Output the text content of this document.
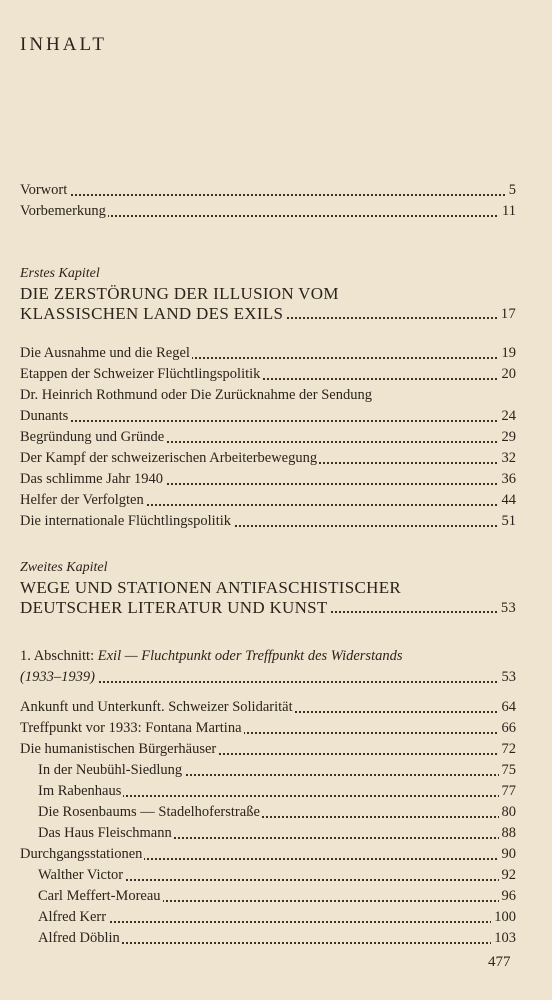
INHALT
Vorwort	5
Vorbemerkung	11
Erstes Kapitel
DIE ZERSTÖRUNG DER ILLUSION VOM
KLASSISCHEN LAND DES EXILS	17
Die Ausnahme und die Regel	19
Etappen der Schweizer Flüchtlingspolitik	20
Dr. Heinrich Rothmund oder Die Zurücknahme der Sendung
Dunants	24
Begründung und Gründe	29
Der Kampf der schweizerischen Arbeiterbewegung	32
Das schlimme Jahr 1940	36
Helfer der Verfolgten	44
Die internationale Flüchtlingspolitik	51
Zweites Kapitel
WEGE UND STATIONEN ANTIFASCHISTISCHER
DEUTSCHER LITERATUR UND KUNST	53
1. Abschnitt: Exil — Fluchtpunkt oder Treffpunkt des Widerstands
(1933–1939)	53
Ankunft und Unterkunft. Schweizer Solidarität	64
Treffpunkt vor 1933: Fontana Martina	66
Die humanistischen Bürgerhäuser	72
In der Neubühl-Siedlung	75
Im Rabenhaus	77
Die Rosenbaums — Stadelhoferstraße	80
Das Haus Fleischmann	88
Durchgangsstationen	90
Walther Victor	92
Carl Meffert-Moreau	96
Alfred Kerr	100
Alfred Döblin	103
477
